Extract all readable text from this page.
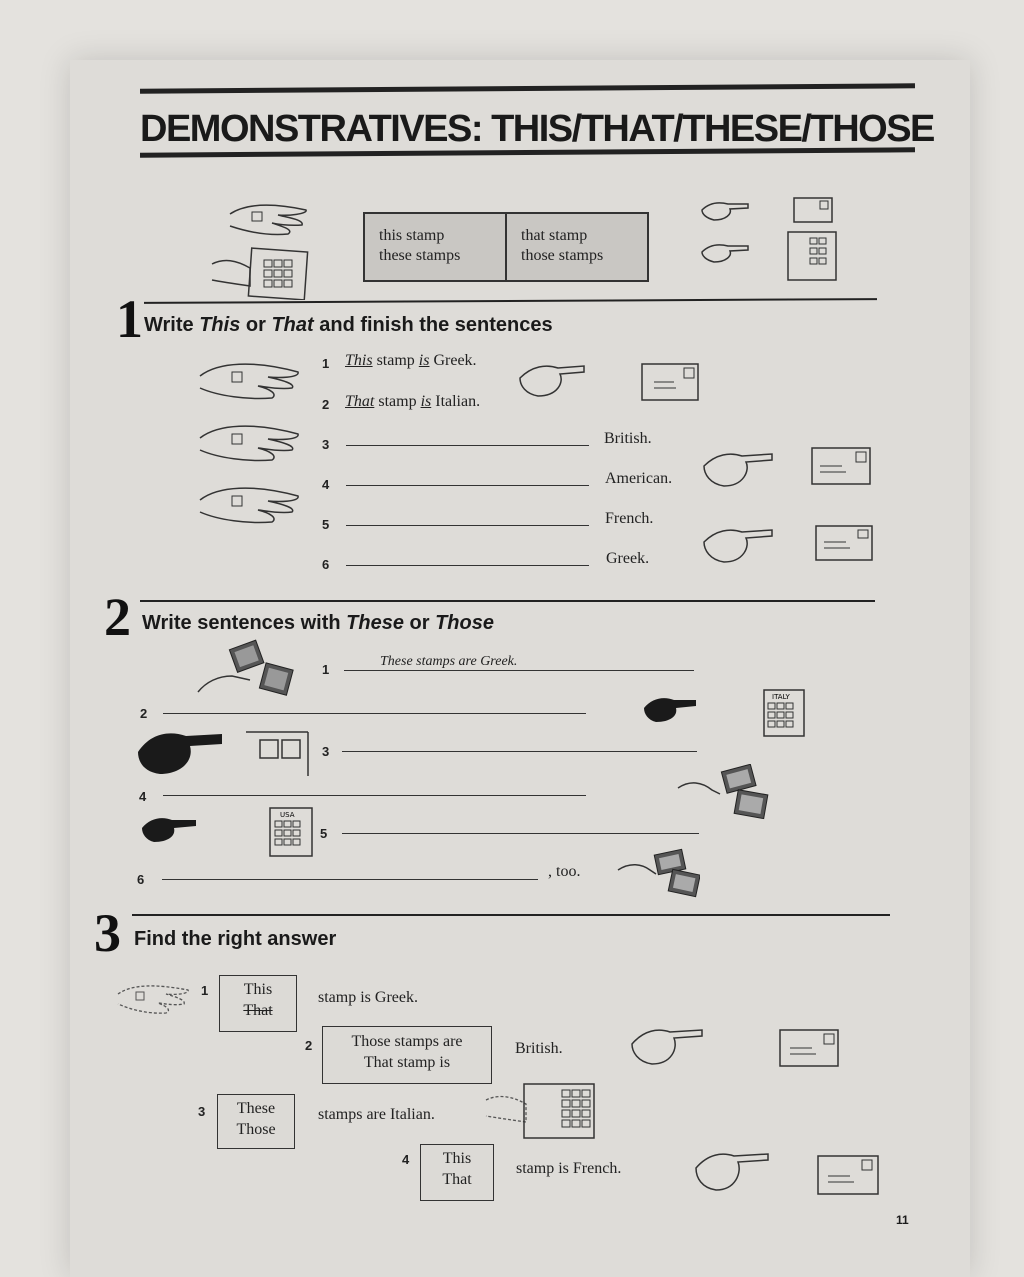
DEMONSTRATIVES: THIS/THAT/THESE/THOSE
this stamp
these stamps
that stamp
those stamps
1 Write This or That and finish the sentences
1 This stamp is Greek.
2 That stamp is Italian.
3	British.
4	American.
5	French.
6	Greek.
2 Write sentences with These or Those
1
These stamps are Greek.
2
ITALY
3
4
USA
5
6	, too.
3 Find the right answer
1	This
That
stamp is Greek.
2	Those stamps are
That stamp is
British.
3	These
Those
stamps are Italian.
4	This
That
stamp is French.
11
